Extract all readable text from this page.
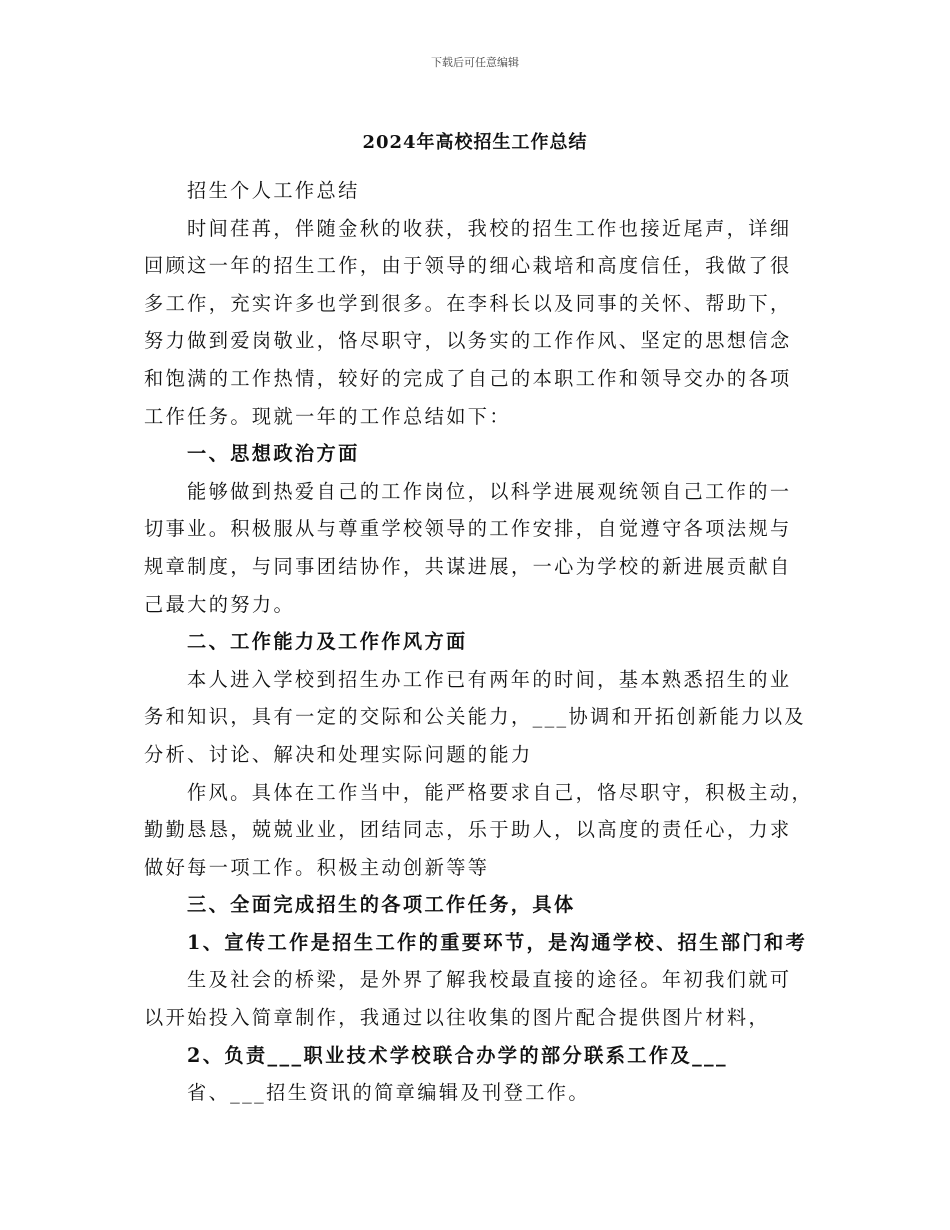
下载后可任意编辑
2024年高校招生工作总结
招生个人工作总结
时间荏苒，伴随金秋的收获，我校的招生工作也接近尾声，详细
回顾这一年的招生工作，由于领导的细心栽培和高度信任，我做了很
多工作，充实许多也学到很多。在李科长以及同事的关怀、帮助下，
努力做到爱岗敬业，恪尽职守，以务实的工作作风、坚定的思想信念
和饱满的工作热情，较好的完成了自己的本职工作和领导交办的各项
工作任务。现就一年的工作总结如下：
一、思想政治方面
能够做到热爱自己的工作岗位，以科学进展观统领自己工作的一
切事业。积极服从与尊重学校领导的工作安排，自觉遵守各项法规与
规章制度，与同事团结协作，共谋进展，一心为学校的新进展贡献自
己最大的努力。
二、工作能力及工作作风方面
本人进入学校到招生办工作已有两年的时间，基本熟悉招生的业
务和知识，具有一定的交际和公关能力，___协调和开拓创新能力以及
分析、讨论、解决和处理实际问题的能力
作风。具体在工作当中，能严格要求自己，恪尽职守，积极主动，
勤勤恳恳，兢兢业业，团结同志，乐于助人，以高度的责任心，力求
做好每一项工作。积极主动创新等等
三、全面完成招生的各项工作任务，具体
1、宣传工作是招生工作的重要环节，是沟通学校、招生部门和考
生及社会的桥梁，是外界了解我校最直接的途径。年初我们就可
以开始投入简章制作，我通过以往收集的图片配合提供图片材料，
2、负责___职业技术学校联合办学的部分联系工作及___
省、___招生资讯的简章编辑及刊登工作。
